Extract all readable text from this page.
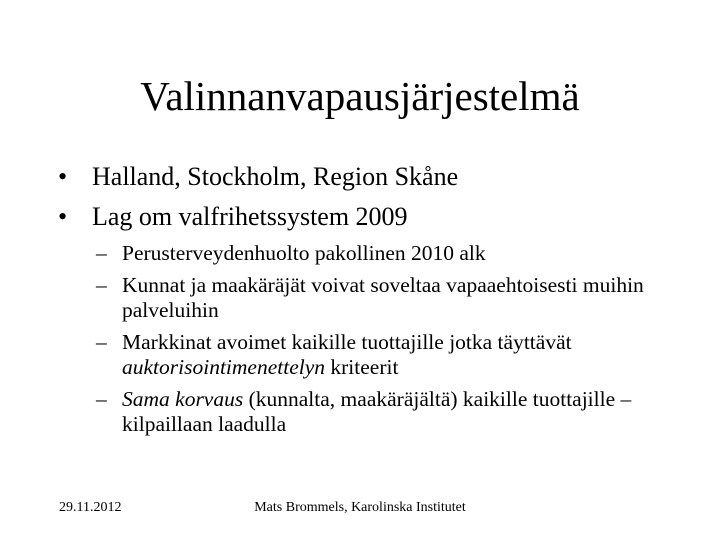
Valinnanvapausjärjestelmä
• Halland, Stockholm, Region Skåne
• Lag om valfrihetssystem 2009
– Perusterveydenhuolto pakollinen 2010 alk
– Kunnat ja maakäräjät voivat soveltaa vapaaehtoisesti muihin palveluihin
– Markkinat avoimet kaikille tuottajille jotka täyttävät auktorisointimenettelyn kriteerit
– Sama korvaus (kunnalta, maakäräjältä) kaikille tuottajille – kilpaillaan laadulla
29.11.2012	Mats Brommels, Karolinska Institutet
